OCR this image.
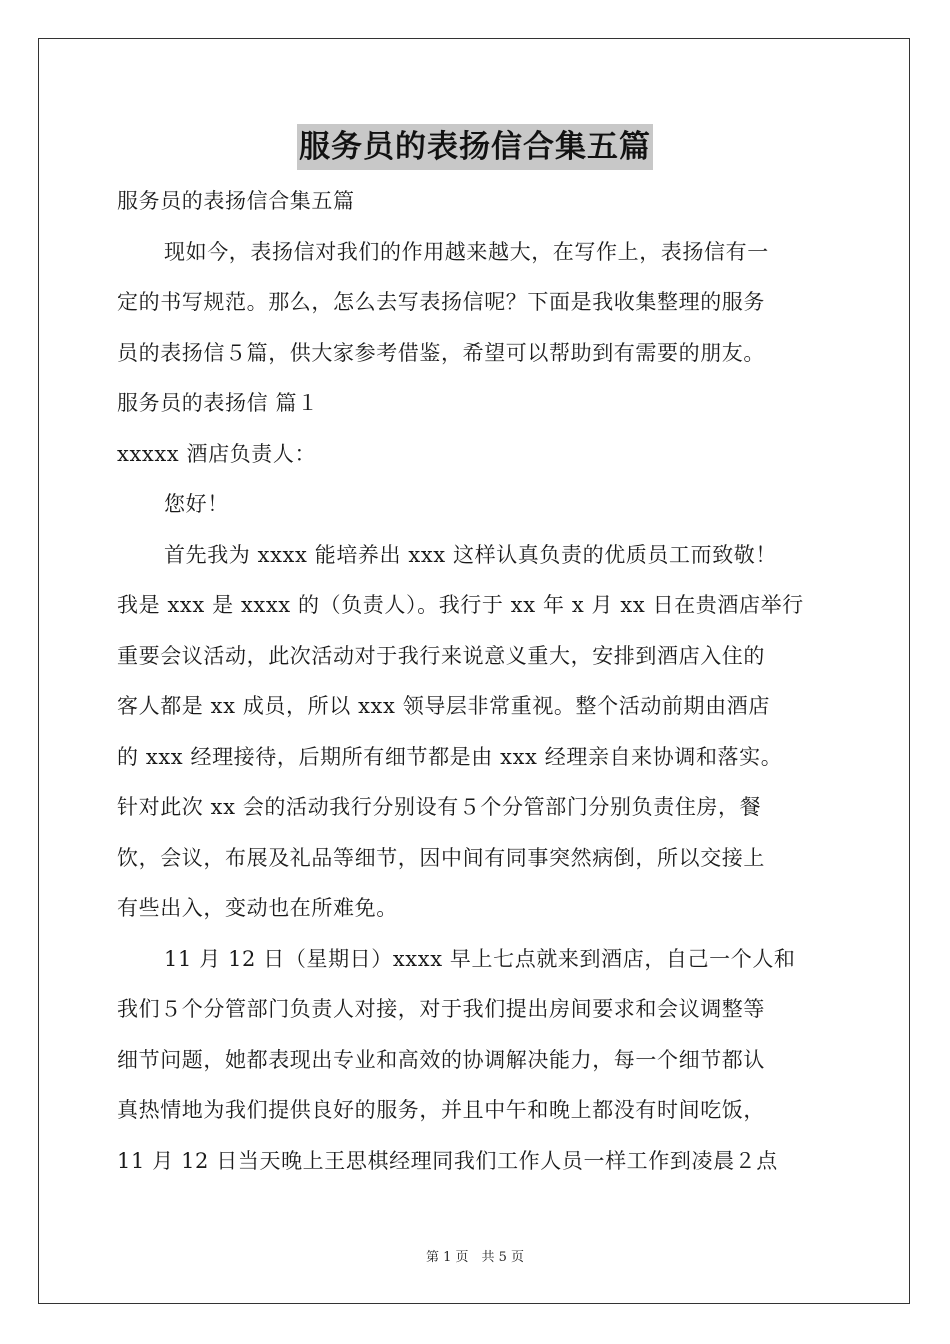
服务员的表扬信合集五篇
服务员的表扬信合集五篇
现如今，表扬信对我们的作用越来越大，在写作上，表扬信有一
定的书写规范。那么，怎么去写表扬信呢？下面是我收集整理的服务
员的表扬信５篇，供大家参考借鉴，希望可以帮助到有需要的朋友。
服务员的表扬信 篇１
xxxxx 酒店负责人：
您好！
首先我为 xxxx 能培养出 xxx 这样认真负责的优质员工而致敬！
我是 xxx 是 xxxx 的（负责人）。我行于 xx 年 x 月 xx 日在贵酒店举行
重要会议活动，此次活动对于我行来说意义重大，安排到酒店入住的
客人都是 xx 成员，所以 xxx 领导层非常重视。整个活动前期由酒店
的 xxx 经理接待，后期所有细节都是由 xxx 经理亲自来协调和落实。
针对此次 xx 会的活动我行分别设有５个分管部门分别负责住房，餐
饮，会议，布展及礼品等细节，因中间有同事突然病倒，所以交接上
有些出入，变动也在所难免。
11 月 12 日（星期日）xxxx 早上七点就来到酒店，自己一个人和
我们５个分管部门负责人对接，对于我们提出房间要求和会议调整等
细节问题，她都表现出专业和高效的协调解决能力，每一个细节都认
真热情地为我们提供良好的服务，并且中午和晚上都没有时间吃饭，
11 月 12 日当天晚上王思棋经理同我们工作人员一样工作到凌晨２点
第 1 页　共 5 页
